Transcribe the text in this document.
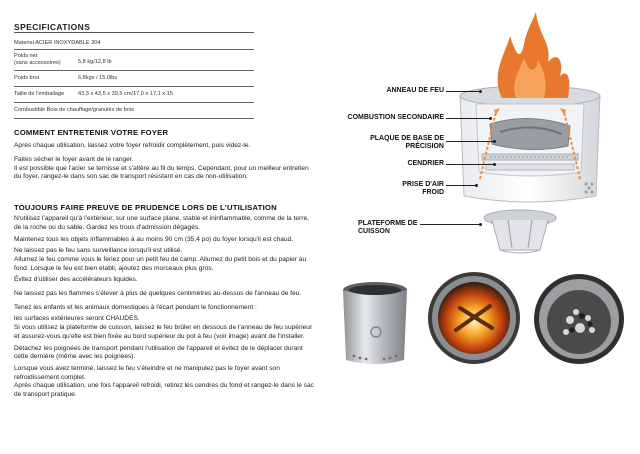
SPECIFICATIONS
Material ACIER INOXYDABLE 304
Poids net
(sans accessoires)	5,8 kg/12,8 lb
Poids brut	6,8kgs / 15.0lbs
Taille de l'emballage	43,3 x 43,5 x 39,5 cm/17,0 x 17,1 x 15
Combustible Bois de chauffage/granulés de bois
COMMENT ENTRETENIR VOTRE FOYER
Après chaque utilisation, laissez votre foyer refroidir complètement, puis videz-le.
Faites sécher le foyer avant de le ranger.
Il est possible que l'acier se ternisse et s'altère au fil du temps. Cependant, pour un meilleur entretien du foyer, rangez-le dans son sac de transport résistant en cas de non-utilisation.
TOUJOURS FAIRE PREUVE DE PRUDENCE LORS DE L'UTILISATION
N'utilisez l'appareil qu'à l'extérieur, sur une surface plane, stable et ininflammable, comme de la terre, de la roche ou du sable. Gardez les trous d'admission dégagés.
Maintenez tous les objets inflammables à au moins 90 cm (35,4 po) du foyer lorsqu'il est chaud.
Ne laissez pas le feu sans surveillance lorsqu'il est utilisé.
Allumez le feu comme vous le feriez pour un petit feu de camp. Allumez du petit bois et du papier au fond. Lorsque le feu est bien établi, ajoutez des morceaux plus gros.
Évitez d'utiliser des accélérateurs liquides.
Ne laissez pas les flammes s'élever à plus de quelques centimètres au-dessus de l'anneau de feu.
Tenez les enfants et les animaux domestiques à l'écart pendant le fonctionnement :
les surfaces extérieures seront CHAUDES.
Si vous utilisez la plateforme de cuisson, laissez le feu brûler en dessous de l'anneau de feu supérieur et assurez-vous qu'elle est bien fixée au bord supérieur du pot à feu (voir image) avant de l'installer.
Détachez les poignées de transport pendant l'utilisation de l'appareil et évitez de le déplacer durant cette dernière (même avec les poignées).
Lorsque vous avez terminé, laissez le feu s'éteindre et ne manipulez pas le foyer avant son refroidissement complet.
Après chaque utilisation, une fois l'appareil refroidi, retirez les cendres du fond et rangez-le dans le sac de transport pratique.
ANNEAU DE FEU
COMBUSTION SECONDAIRE
PLAQUE DE BASE DE
PRÉCISION
CENDRIER
PRISE D'AIR
FROID
PLATEFORME DE
CUISSON
